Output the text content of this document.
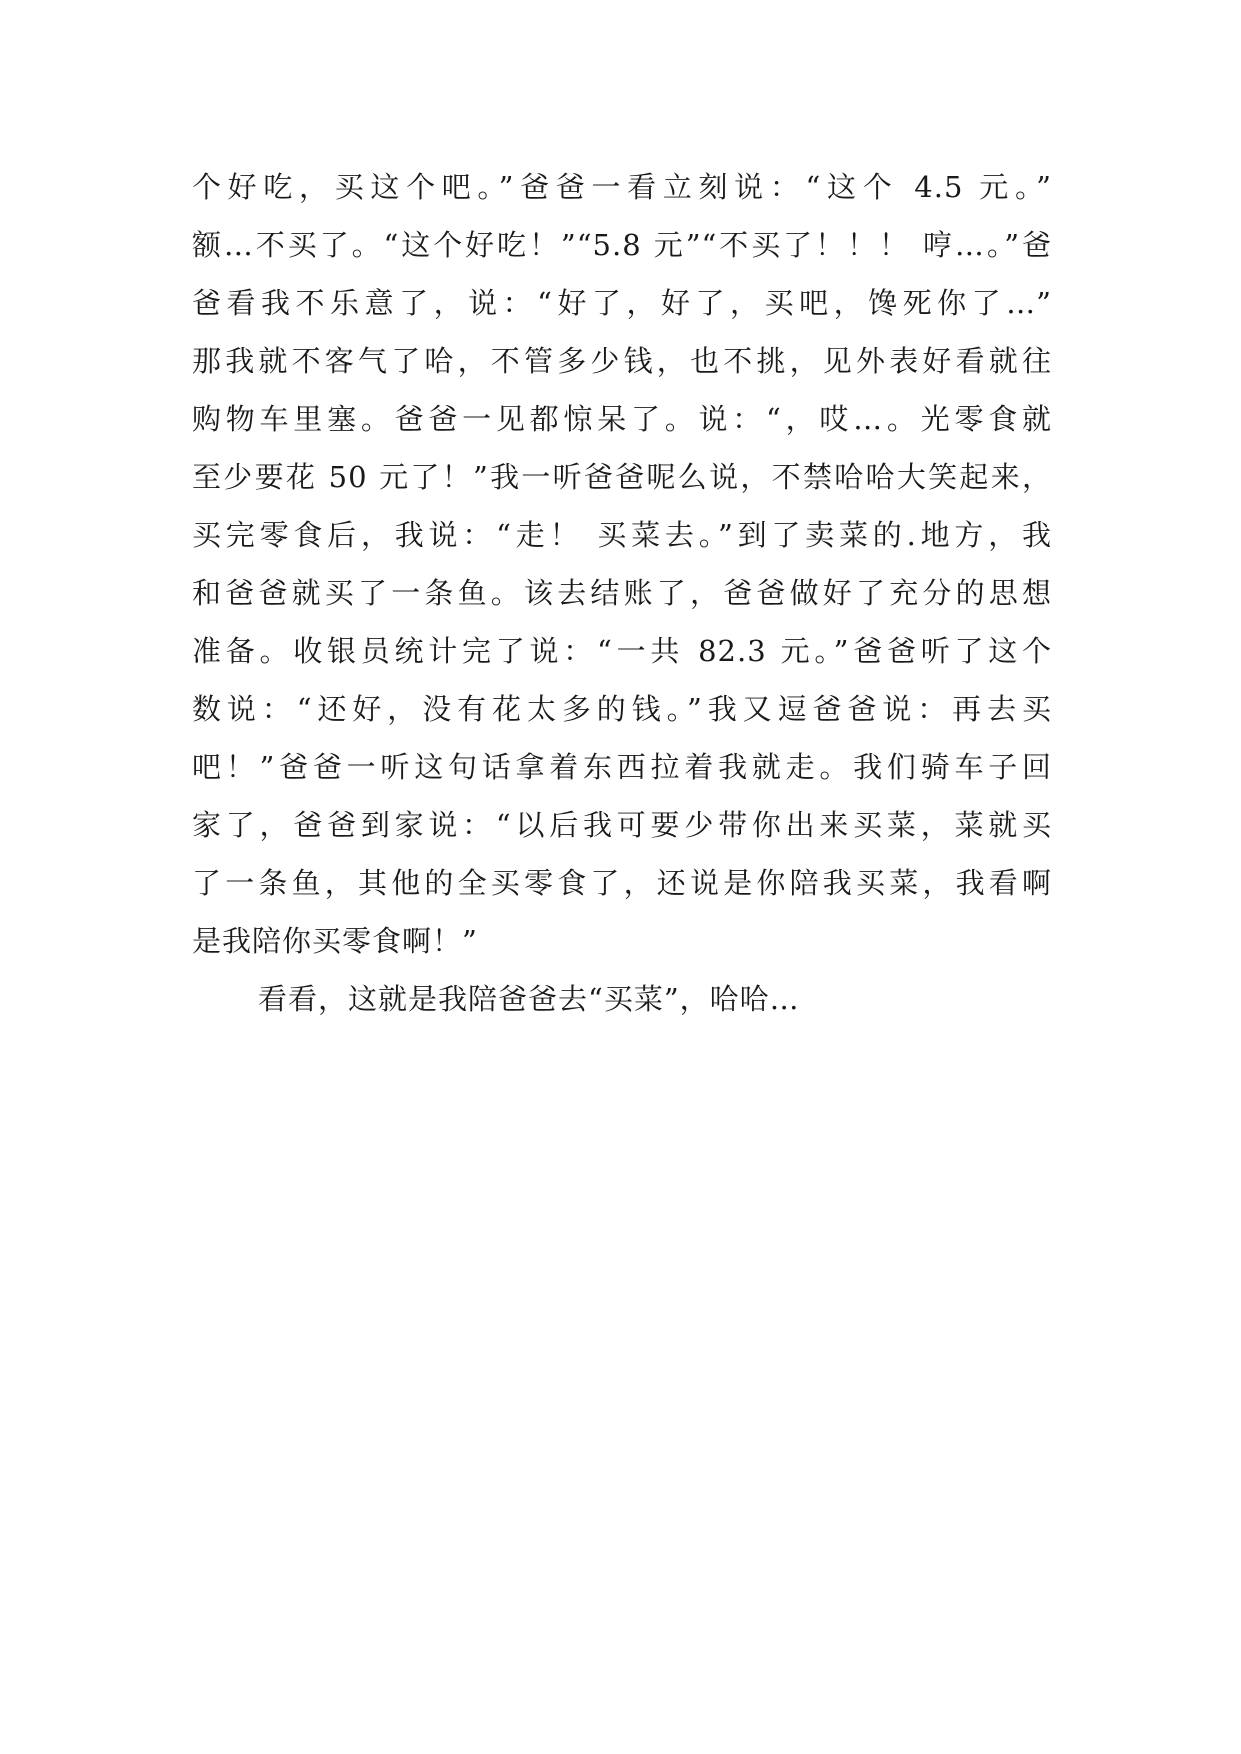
个好吃，买这个吧。”爸爸一看立刻说：“这个 4.5 元。”
额…不买了。“这个好吃！”“5.8 元”“不买了！！！ 哼…。”爸
爸看我不乐意了，说：“好了，好了，买吧，馋死你了…”
那我就不客气了哈，不管多少钱，也不挑，见外表好看就往
购物车里塞。爸爸一见都惊呆了。说：“，哎…。光零食就
至少要花 50 元了！”我一听爸爸呢么说，不禁哈哈大笑起来，
买完零食后，我说：“走！ 买菜去。”到了卖菜的.地方，我
和爸爸就买了一条鱼。该去结账了，爸爸做好了充分的思想
准备。收银员统计完了说：“一共 82.3 元。”爸爸听了这个
数说：“还好，没有花太多的钱。”我又逗爸爸说：再去买
吧！”爸爸一听这句话拿着东西拉着我就走。我们骑车子回
家了，爸爸到家说：“以后我可要少带你出来买菜，菜就买
了一条鱼，其他的全买零食了，还说是你陪我买菜，我看啊
是我陪你买零食啊！”
看看，这就是我陪爸爸去“买菜”，哈哈…
